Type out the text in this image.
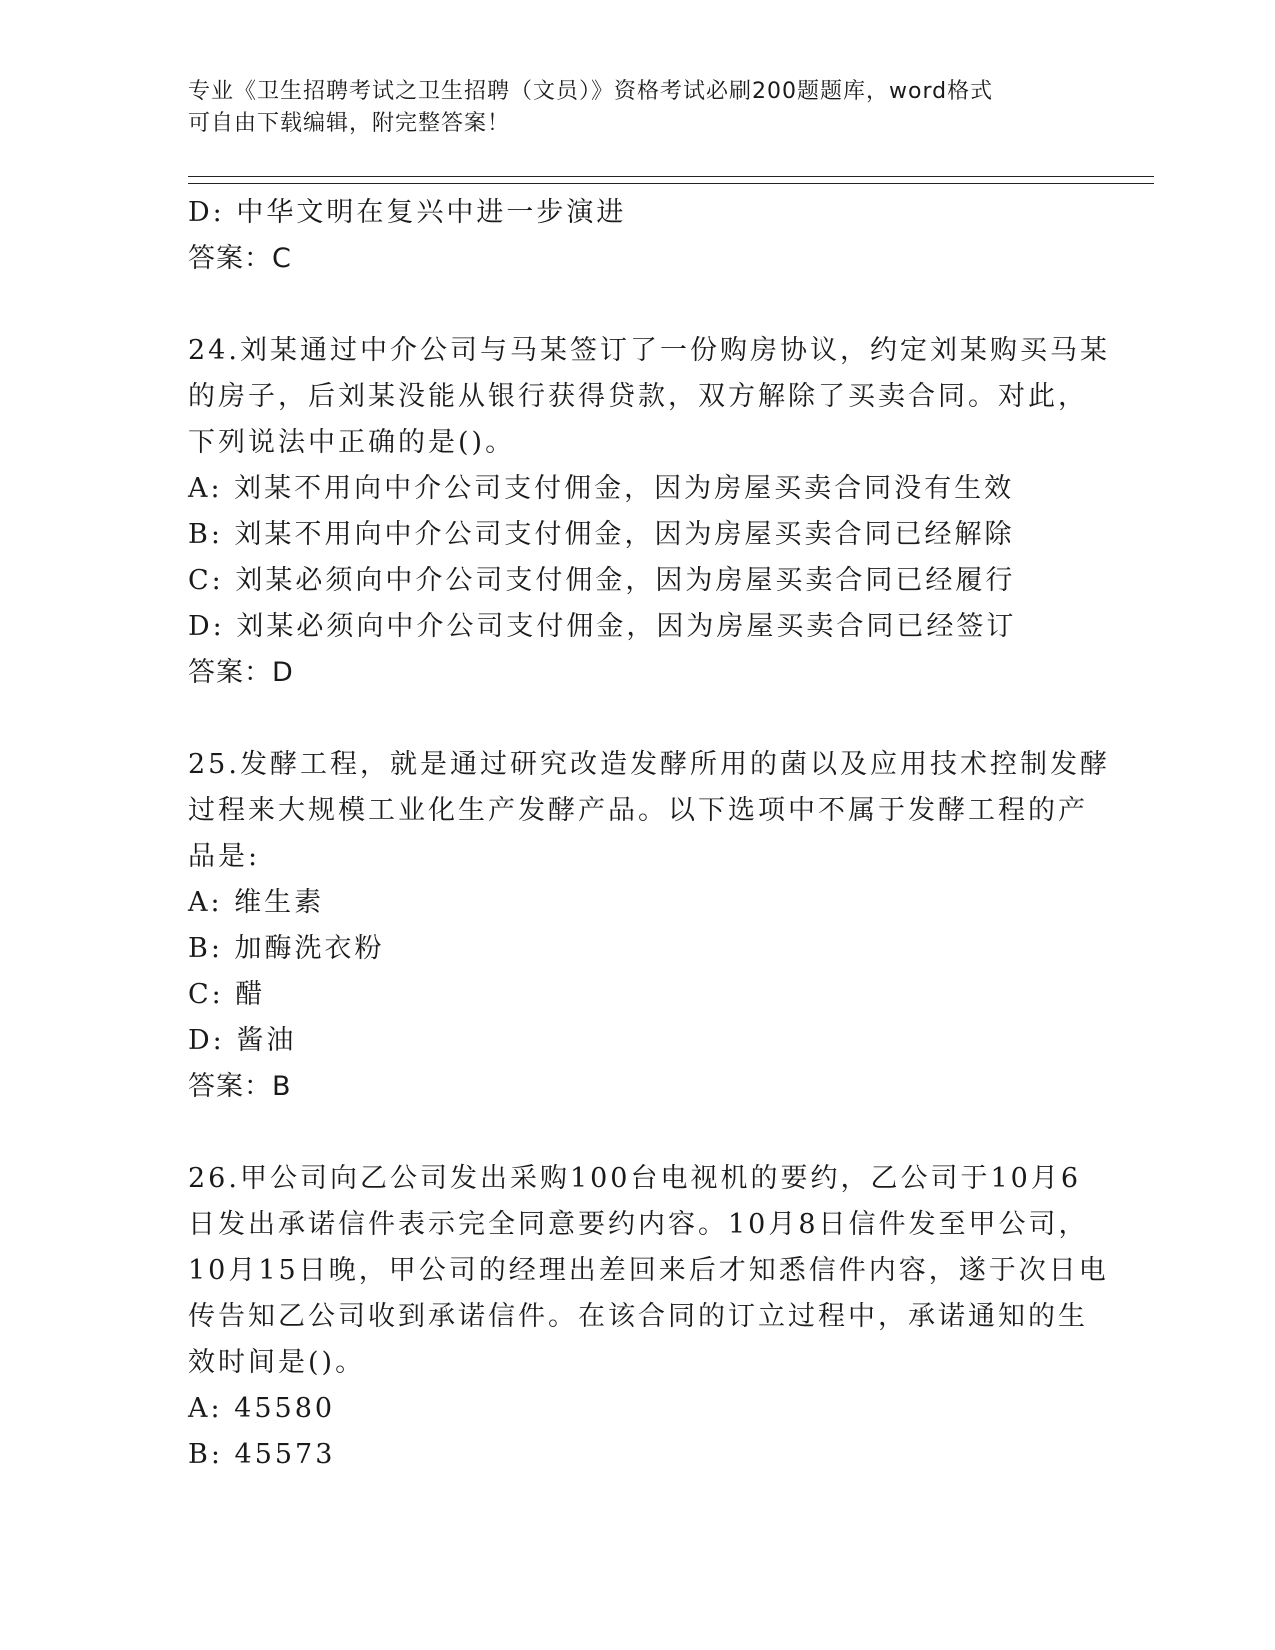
专业《卫生招聘考试之卫生招聘（文员）》资格考试必刷200题题库，word格式
可自由下载编辑，附完整答案！
D: 中华文明在复兴中进一步演进
答案：C
24.刘某通过中介公司与马某签订了一份购房协议，约定刘某购买马某
的房子，后刘某没能从银行获得贷款，双方解除了买卖合同。对此，
下列说法中正确的是()。
A: 刘某不用向中介公司支付佣金，因为房屋买卖合同没有生效
B: 刘某不用向中介公司支付佣金，因为房屋买卖合同已经解除
C: 刘某必须向中介公司支付佣金，因为房屋买卖合同已经履行
D: 刘某必须向中介公司支付佣金，因为房屋买卖合同已经签订
答案：D
25.发酵工程，就是通过研究改造发酵所用的菌以及应用技术控制发酵
过程来大规模工业化生产发酵产品。以下选项中不属于发酵工程的产
品是:
A: 维生素
B: 加酶洗衣粉
C: 醋
D: 酱油
答案：B
26.甲公司向乙公司发出采购100台电视机的要约，乙公司于10月6
日发出承诺信件表示完全同意要约内容。10月8日信件发至甲公司，
10月15日晚，甲公司的经理出差回来后才知悉信件内容，遂于次日电
传告知乙公司收到承诺信件。在该合同的订立过程中，承诺通知的生
效时间是()。
A: 45580
B: 45573
